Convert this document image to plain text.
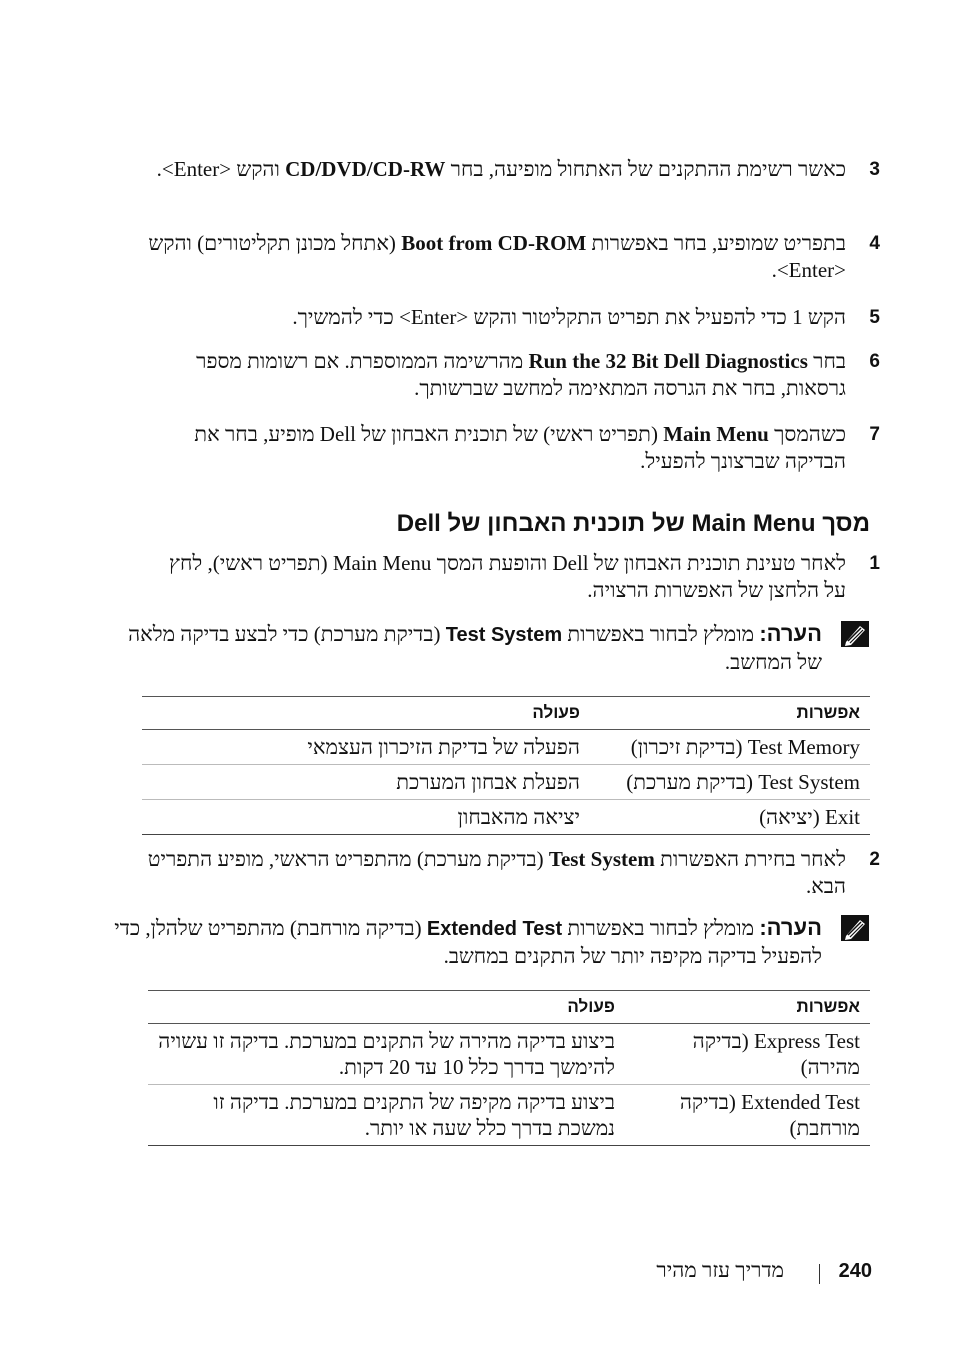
3
כאשר רשימת ההתקנים של האתחול מופיעה, בחר CD/DVD/CD-RW והקש <Enter>.
4
בתפריט שמופיע, בחר באפשרות Boot from CD-ROM (אתחל מכונן תקליטורים) והקש <Enter>.
5
הקש 1 כדי להפעיל את תפריט התקליטור והקש <Enter> כדי להמשיך.
6
בחר Run the 32 Bit Dell Diagnostics מהרשימה הממוספרת. אם רשומות מספר גרסאות, בחר את הגרסה המתאימה למחשב שברשותך.
7
כשהמסך Main Menu (תפריט ראשי) של תוכנית האבחון של Dell מופיע, בחר את הבדיקה שברצונך להפעיל.
מסך Main Menu של תוכנית האבחון של Dell
1
לאחר טעינת תוכנית האבחון של Dell והופעת המסך Main Menu (תפריט ראשי), לחץ על הלחצן של האפשרות הרצויה.
הערה: מומלץ לבחור באפשרות Test System (בדיקת מערכת) כדי לבצע בדיקה מלאה של המחשב.
אפשרות	פעולה
Test Memory (בדיקת זיכרון)	הפעלה של בדיקת הזיכרון העצמאי
Test System (בדיקת מערכת)	הפעלת אבחון המערכת
Exit (יציאה)	יציאה מהאבחון
2
לאחר בחירת האפשרות Test System (בדיקת מערכת) מהתפריט הראשי, מופיע התפריט הבא.
הערה: מומלץ לבחור באפשרות Extended Test (בדיקה מורחבת) מהתפריט שלהלן, כדי להפעיל בדיקה מקיפה יותר של התקנים במחשב.
אפשרות	פעולה
Express Test (בדיקה מהירה)	ביצוע בדיקה מהירה של התקנים במערכת. בדיקה זו עשויה להימשך בדרך כלל 10 עד 20 דקות.
Extended Test (בדיקה מורחבת)	ביצוע בדיקה מקיפה של התקנים במערכת. בדיקה זו נמשכת בדרך כלל שעה או יותר.
240
מדריך עזר מהיר
